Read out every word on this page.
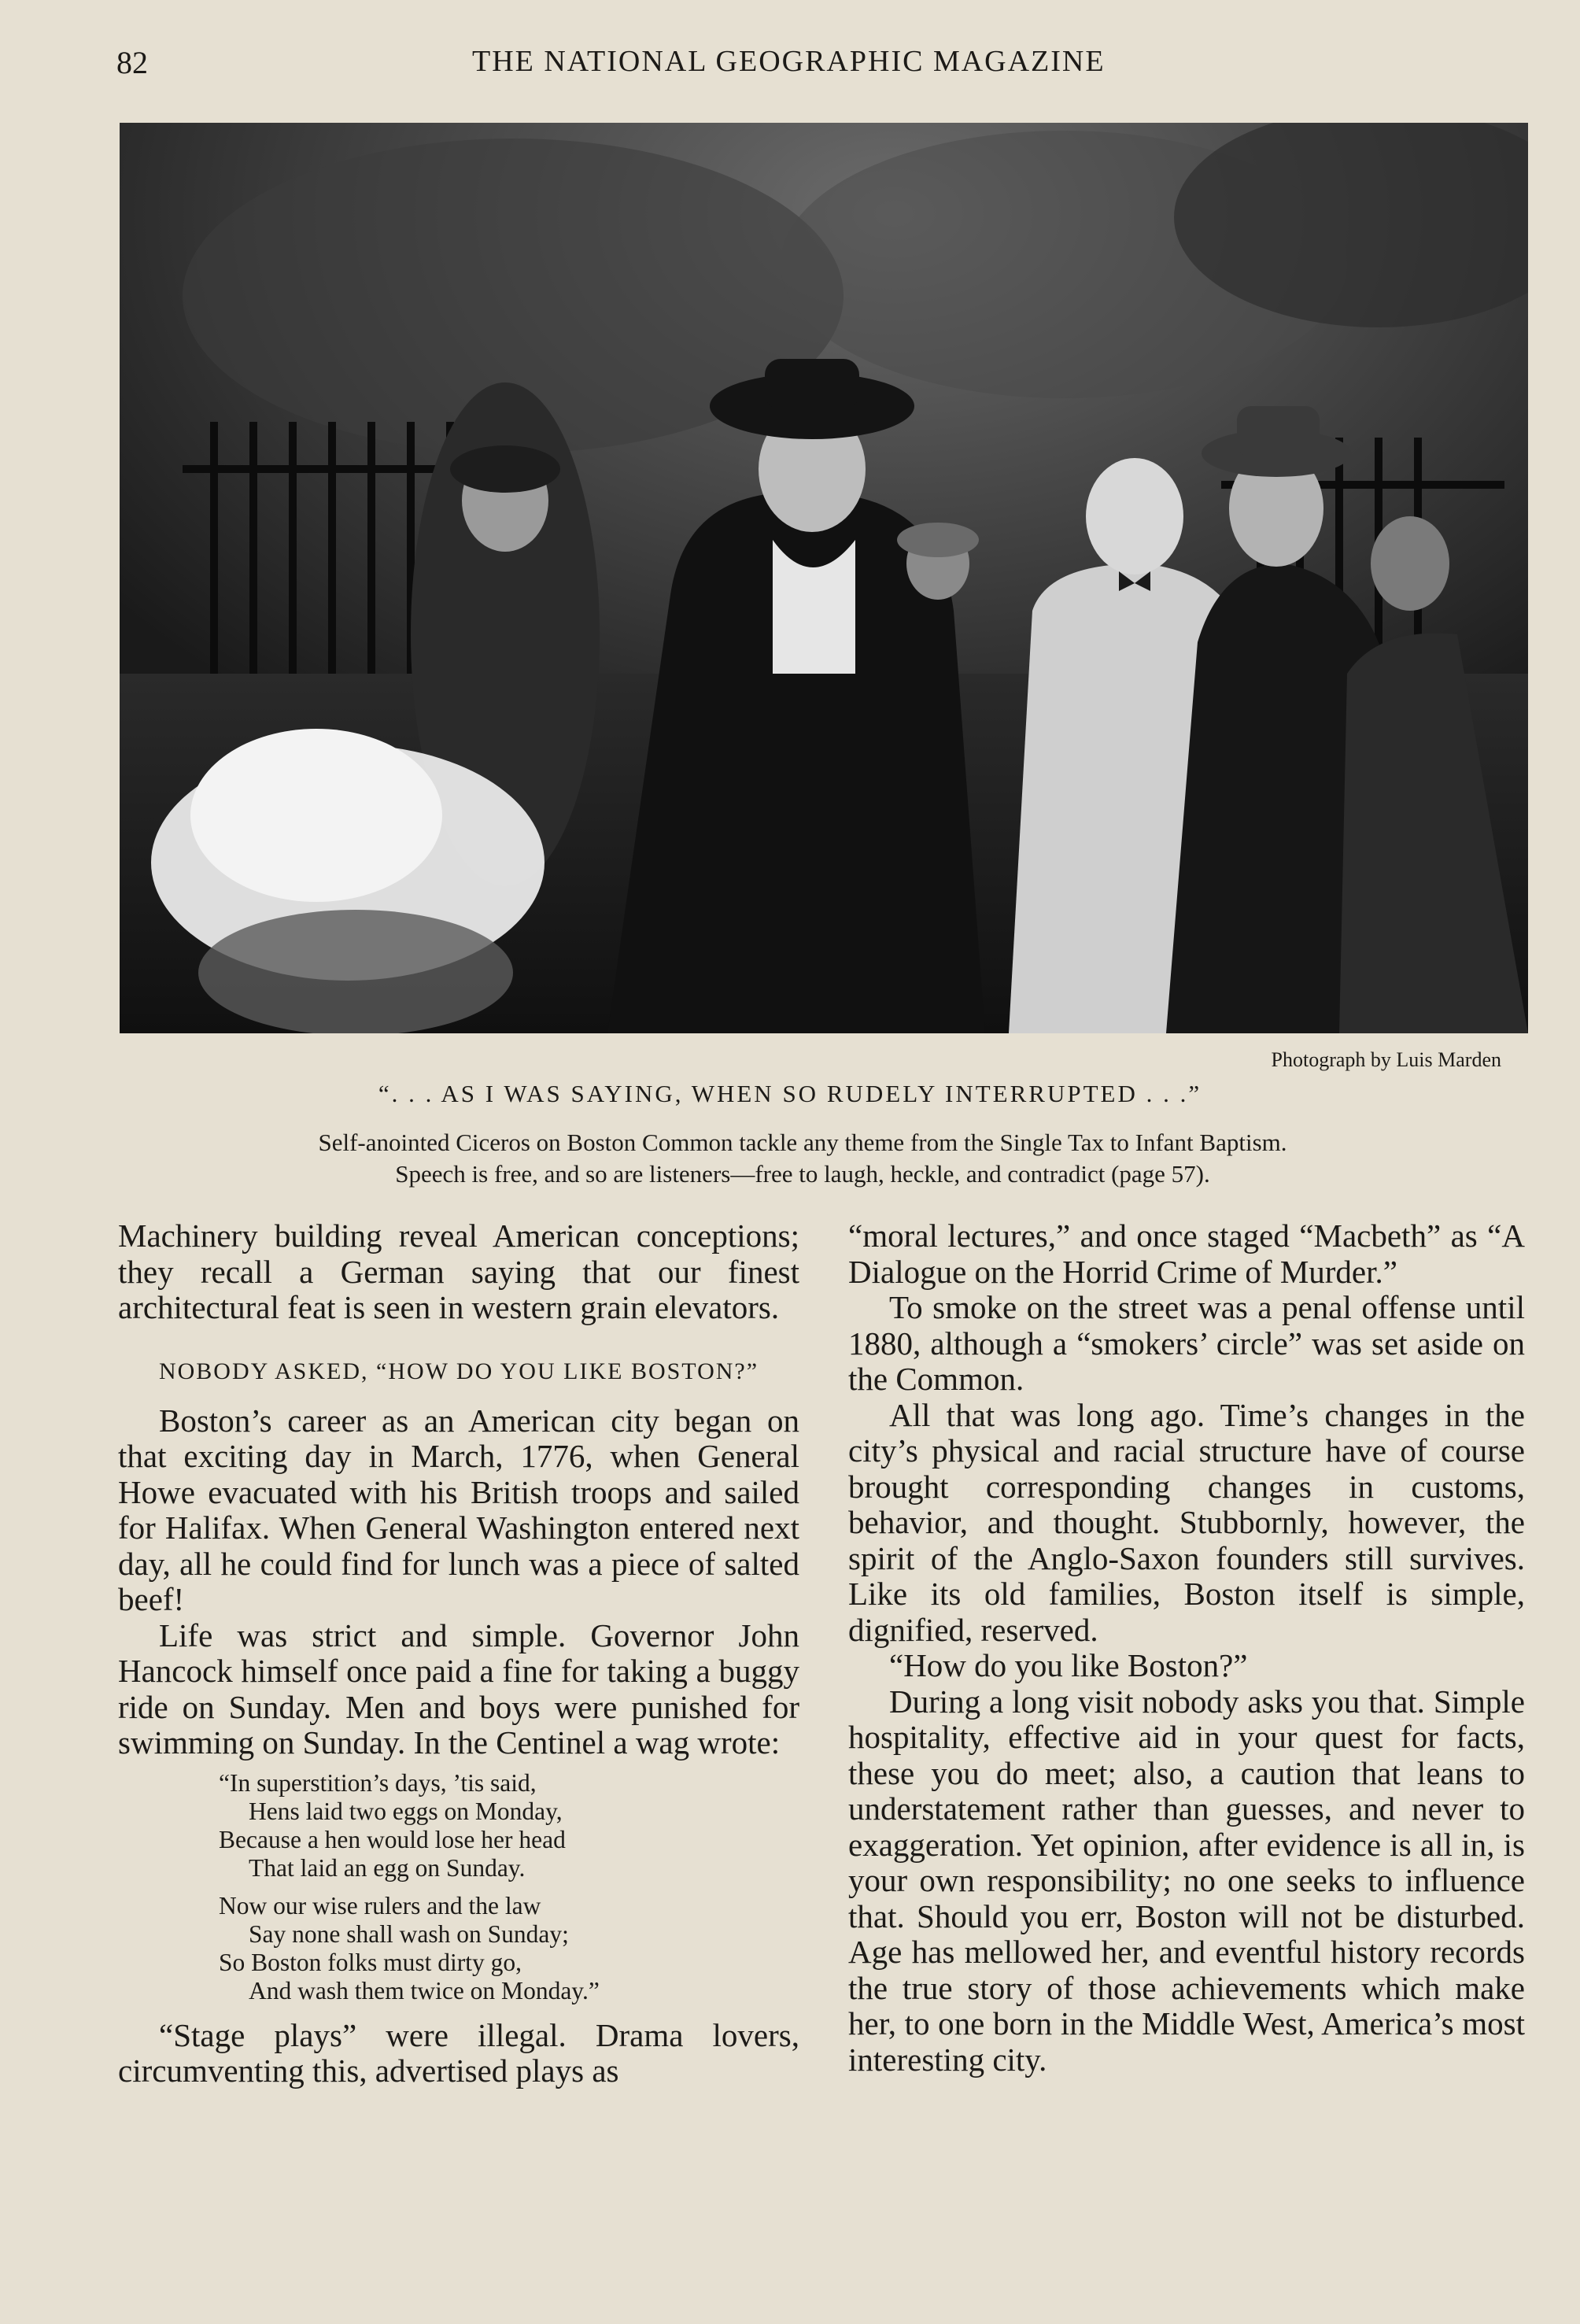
82	THE NATIONAL GEOGRAPHIC MAGAZINE
Photograph by Luis Marden
“. . . AS I WAS SAYING, WHEN SO RUDELY INTERRUPTED . . .”

Self-anointed Ciceros on Boston Common tackle any theme from the Single Tax to Infant Baptism.

Speech is free, and so are listeners—free to laugh, heckle, and contradict (page 57).

Machinery building reveal American conceptions; they recall a German saying that our finest architectural feat is seen in western grain elevators.

NOBODY ASKED, “HOW DO YOU LIKE BOSTON?”

Boston’s career as an American city began on that exciting day in March, 1776, when General Howe evacuated with his British troops and sailed for Halifax. When General Washington entered next day, all he could find for lunch was a piece of salted beef!

Life was strict and simple. Governor John Hancock himself once paid a fine for taking a buggy ride on Sunday. Men and boys were punished for swimming on Sunday. In the Centinel a wag wrote:

“In superstition’s days, ’tis said,
Hens laid two eggs on Monday,
Because a hen would lose her head
That laid an egg on Sunday.
Now our wise rulers and the law
Say none shall wash on Sunday;
So Boston folks must dirty go,
And wash them twice on Monday.”

“Stage plays” were illegal. Drama lovers, circumventing this, advertised plays as

“moral lectures,” and once staged “Macbeth” as “A Dialogue on the Horrid Crime of Murder.”

To smoke on the street was a penal offense until 1880, although a “smokers’ circle” was set aside on the Common.

All that was long ago. Time’s changes in the city’s physical and racial structure have of course brought corresponding changes in customs, behavior, and thought. Stubbornly, however, the spirit of the Anglo-Saxon founders still survives. Like its old families, Boston itself is simple, dignified, reserved.

“How do you like Boston?”

During a long visit nobody asks you that. Simple hospitality, effective aid in your quest for facts, these you do meet; also, a caution that leans to understatement rather than guesses, and never to exaggeration. Yet opinion, after evidence is all in, is your own responsibility; no one seeks to influence that. Should you err, Boston will not be disturbed. Age has mellowed her, and eventful history records the true story of those achievements which make her, to one born in the Middle West, America’s most interesting city.
